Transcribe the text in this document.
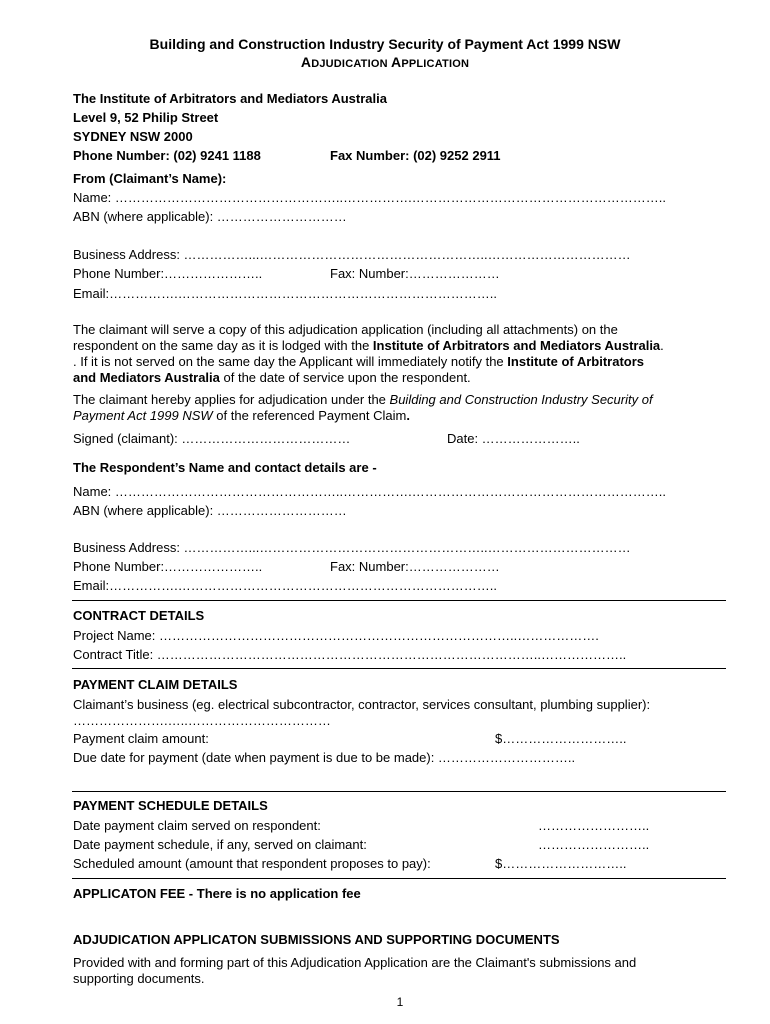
Building and Construction Industry Security of Payment Act 1999 NSW
ADJUDICATION APPLICATION
The Institute of Arbitrators and Mediators Australia
Level 9, 52 Philip Street
SYDNEY NSW 2000
Phone Number: (02) 9241 1188	Fax Number: (02) 9252 2911
From (Claimant’s Name):
Name: ……………………………………………..…………….…………………………………………………..
ABN (where applicable): …………………………
Business Address: ……………...……………………………………………..……………………………
Phone Number:…………………..	Fax: Number:…………………
Email:…………….………………………………………………………………..
The claimant will serve a copy of this adjudication application (including all attachments) on the
respondent on the same day as it is lodged with the Institute of Arbitrators and Mediators Australia.
. If it is not served on the same day the Applicant will immediately notify the Institute of Arbitrators
and Mediators Australia of the date of service upon the respondent.
The claimant hereby applies for adjudication under the Building and Construction Industry Security of
Payment Act 1999 NSW of the referenced Payment Claim.
Signed (claimant): …………………………………	Date: …………………..
The Respondent’s Name and contact details are -
Name: ……………………………………………..…………….…………………………………………………..
ABN (where applicable): …………………………
Business Address: ……………...……………………………………………..……………………………
Phone Number:…………………..	Fax: Number:…………………
Email:…………….………………………………………………………………..
CONTRACT DETAILS
Project Name: ………………………………………………………………………..……………….
Contract Title: ……………………………………………………………………………..………………..
PAYMENT CLAIM DETAILS
Claimant’s business (eg. electrical subcontractor, contractor, services consultant, plumbing supplier):
………………….…..……………………………
Payment claim amount:	$………………………..
Due date for payment (date when payment is due to be made): …………………………..
PAYMENT SCHEDULE DETAILS
Date payment claim served on respondent:	……………………..
Date payment schedule, if any, served on claimant:	……………………..
Scheduled amount (amount that respondent proposes to pay):	$………………………..
APPLICATON FEE - There is no application fee
ADJUDICATION APPLICATON SUBMISSIONS AND SUPPORTING DOCUMENTS
Provided with and forming part of this Adjudication Application are the Claimant's submissions and
supporting documents.
1
